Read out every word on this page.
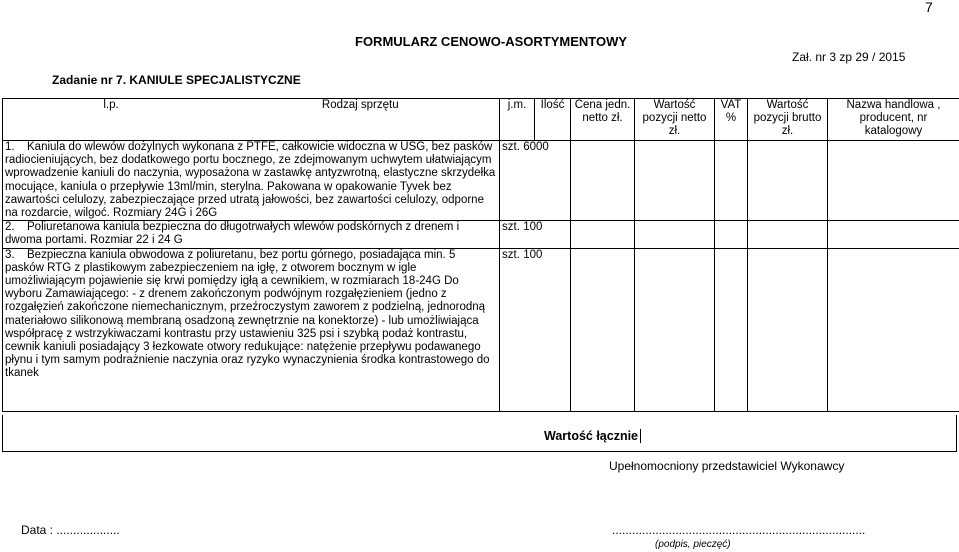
7
FORMULARZ CENOWO-ASORTYMENTOWY
Zał. nr 3 zp 29 / 2015
Zadanie nr 7. KANIULE SPECJALISTYCZNE
l.p. Rodzaj sprzętu	j.m.	Ilość	Cena jedn. netto zł.	Wartość pozycji netto zł.	VAT %	Wartość pozycji brutto zł.	Nazwa handlowa , producent, nr katalogowy
1. Kaniula do wlewów dożylnych wykonana z PTFE, całkowicie widoczna w USG, bez pasków radiocieniujących, bez dodatkowego portu bocznego, ze zdejmowanym uchwytem ułatwiającym wprowadzenie kaniuli do naczynia, wyposażona w zastawkę antyzwrotną, elastyczne skrzydełka mocujące, kaniula o przepływie 13ml/min, sterylna. Pakowana w opakowanie Tyvek bez zawartości celulozy, zabezpieczające przed utratą jałowości, bez zawartości celulozy, odporne na rozdarcie, wilgoć. Rozmiary 24G i 26G	szt. 6000						
2. Poliuretanowa kaniula bezpieczna do długotrwałych wlewów podskórnych z drenem i dwoma portami. Rozmiar 22 i 24 G	szt. 100						
3. Bezpieczna kaniula obwodowa z poliuretanu, bez portu górnego, posiadająca min. 5 pasków RTG z plastikowym zabezpieczeniem na igłę, z otworem bocznym w igle umożliwiającym pojawienie się krwi pomiędzy igłą a cewnikiem, w rozmiarach 18-24G Do wyboru Zamawiającego: - z drenem zakończonym podwójnym rozgałęzieniem (jedno z rozgałęzień zakończone niemechanicznym, przeźroczystym zaworem z podzielną, jednorodną materiałowo silikonową membraną osadzoną zewnętrznie na konektorze) - lub umożliwiająca współpracę z wstrzykiwaczami kontrastu przy ustawieniu 325 psi i szybką podaż kontrastu, cewnik kaniuli posiadający 3 łezkowate otwory redukujące: natężenie przepływu podawanego płynu i tym samym podrażnienie naczynia oraz ryzyko wynaczynienia środka kontrastowego do tkanek	szt. 100						
Wartość łącznie
Upełnomocniony przedstawiciel Wykonawcy
Data : ...................	............................................................................
(podpis, pieczęć)
